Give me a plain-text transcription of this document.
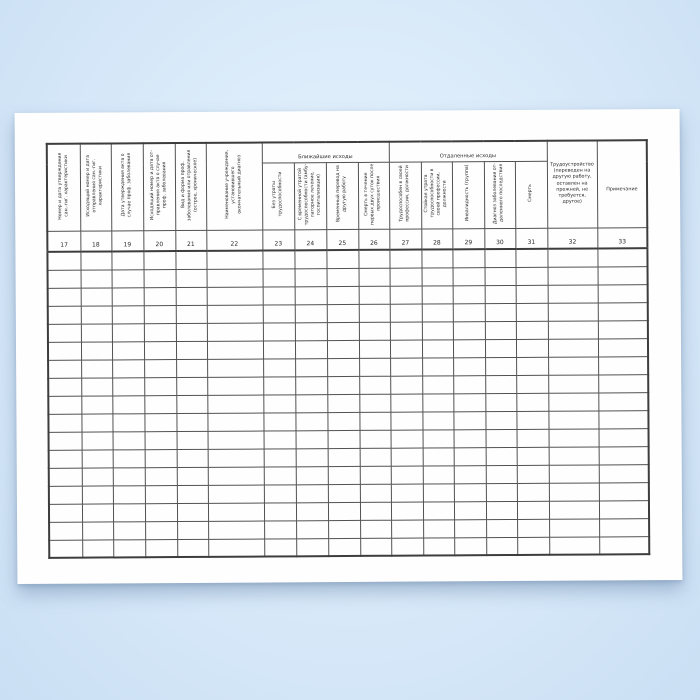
Номер и дата утверждения сан.-гиг. характеристики	Исходящий номер и дата отправления сан.-гиг. характеристики	Дата утверждения акта о случае проф. заболевания	Исходящий номер и дата отправления акта о случае проф. заболевания	Вид и форма проф. заболевания или отравления (острое, хроническое)	Наименование учреждения, установившего окончательный диагноз	Ближайшие исходы				Отдаленные исходы					Трудоустройство (переведен на другую работу, оставлен на прежней, не требуется, другое)	Примечание
						Без утраты трудоспособности	С временной утратой трудоспособности (амбулаторное лечение, госпитализация)	Временный перевод на другую работу	Смерть в течение первых двух суток после происшествия	Трудоспособен в своей профессии, должности	Стойкая утрата трудоспособности в своей профессии, должности	Инвалидность (группа)	Диагноз заболевания отдаленного последствия	Смерть		
17	18	19	20	21	22	23	24	25	26	27	28	29	30	31	32	33
